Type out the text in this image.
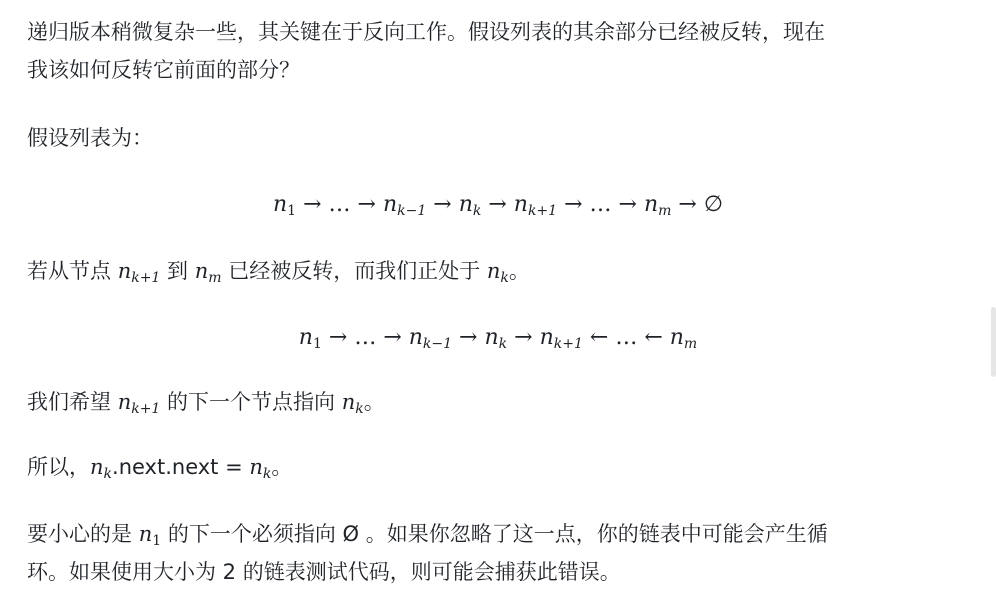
递归版本稍微复杂一些，其关键在于反向工作。假设列表的其余部分已经被反转，现在
我该如何反转它前面的部分？
假设列表为：
$n_1$ → … → $n_{k-1} \to n_k \to n_{k+1}$ → … → $n_m$ → ∅
若从节点 $n_{k+1}$ 到 $n_m$ 已经被反转，而我们正处于 $n_k$。
$n_1$ → … → $n_{k-1} \to n_k \to n_{k+1}$ ← … ← $n_m$
我们希望 $n_{k+1}$ 的下一个节点指向 $n_k$。
所以，$n_k.next.next = n_k$。
要小心的是 $n_1$ 的下一个必须指向 Ø 。如果你忽略了这一点，你的链表中可能会产生循
环。如果使用大小为 2 的链表测试代码，则可能会捕获此错误。
